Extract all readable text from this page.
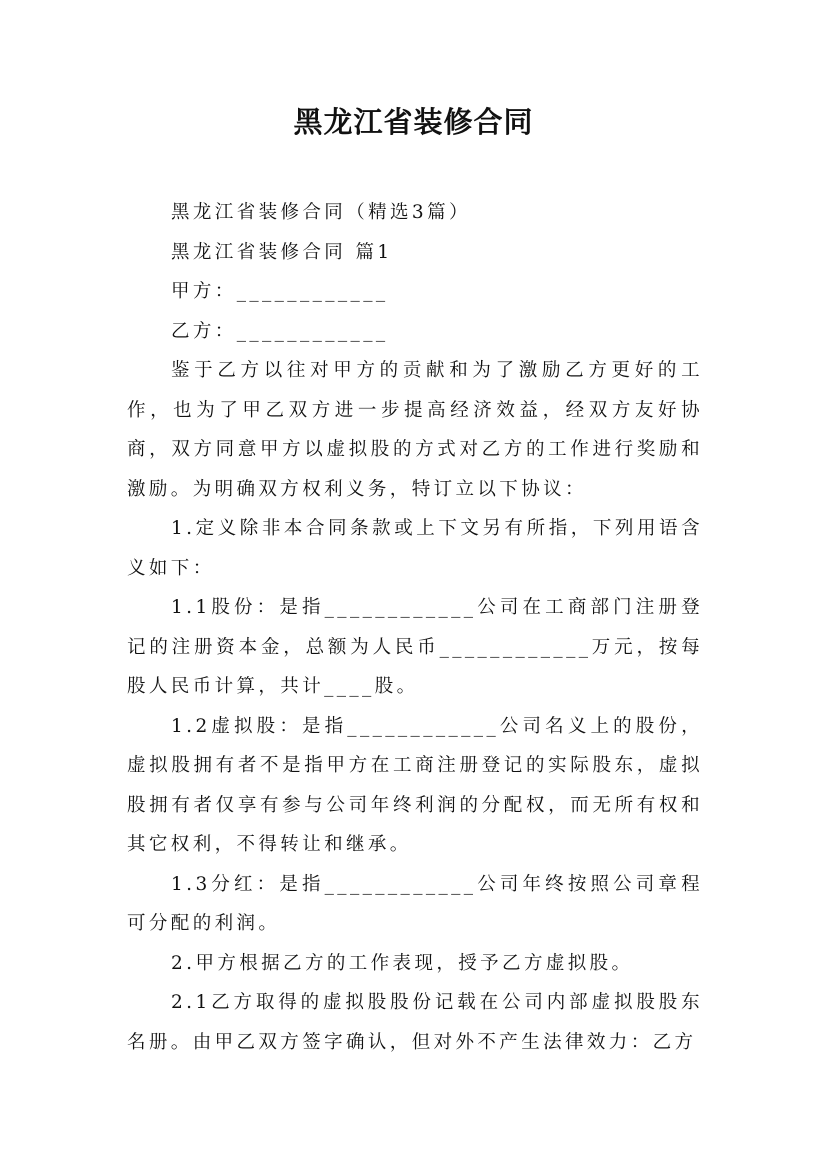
黑龙江省装修合同

黑龙江省装修合同（精选3篇）

黑龙江省装修合同 篇1

甲方：____________

乙方：____________

鉴于乙方以往对甲方的贡献和为了激励乙方更好的工作，也为了甲乙双方进一步提高经济效益，经双方友好协商，双方同意甲方以虚拟股的方式对乙方的工作进行奖励和激励。为明确双方权利义务，特订立以下协议：

1.定义除非本合同条款或上下文另有所指，下列用语含义如下：

1.1股份：是指____________公司在工商部门注册登记的注册资本金，总额为人民币____________万元，按每股人民币计算，共计____股。

1.2虚拟股：是指____________公司名义上的股份，虚拟股拥有者不是指甲方在工商注册登记的实际股东，虚拟股拥有者仅享有参与公司年终利润的分配权，而无所有权和其它权利，不得转让和继承。

1.3分红：是指____________公司年终按照公司章程可分配的利润。

2.甲方根据乙方的工作表现，授予乙方虚拟股。

2.1乙方取得的虚拟股股份记载在公司内部虚拟股股东名册。由甲乙双方签字确认，但对外不产生法律效力：乙方
